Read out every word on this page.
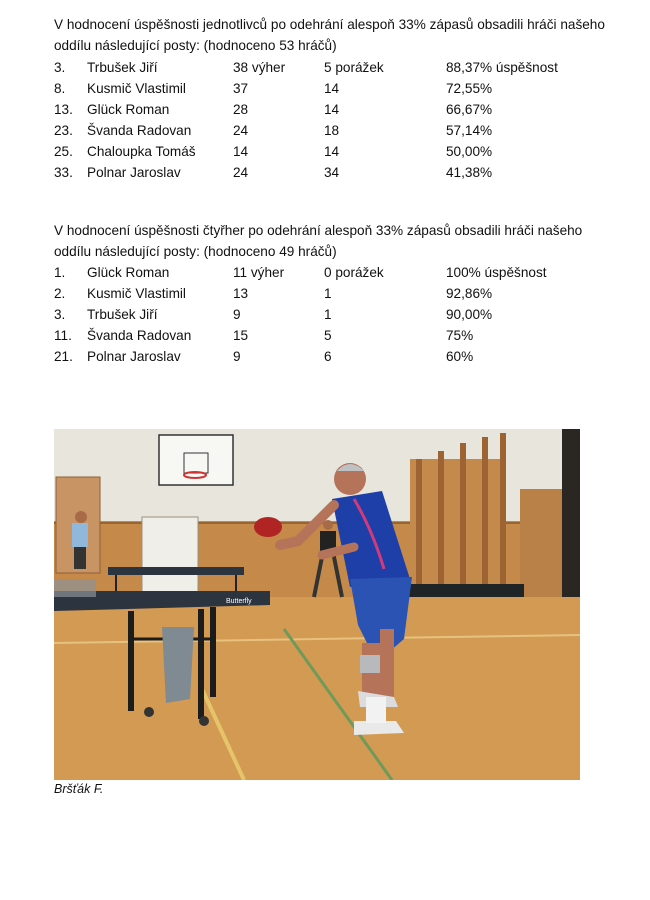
V hodnocení úspěšnosti jednotlivců po odehrání alespoň 33% zápasů obsadili hráči našeho oddílu následující posty: (hodnoceno 53 hráčů)

3. Trbušek Jiří	38 výher	5 porážek	88,37% úspěšnost
8. Kusmič Vlastimil	37	14	72,55%
13. Glück Roman	28	14	66,67%
23. Švanda Radovan	24	18	57,14%
25. Chaloupka Tomáš	14	14	50,00%
33. Polnar Jaroslav	24	34	41,38%

V hodnocení úspěšnosti čtyřher po odehrání alespoň 33% zápasů obsadili hráči našeho oddílu následující posty: (hodnoceno 49 hráčů)

1. Glück Roman	11 výher	0 porážek	100% úspěšnost
2. Kusmič Vlastimil	13	1	92,86%
3. Trbušek Jiří	9	1	90,00%
11. Švanda Radovan	15	5	75%
21. Polnar Jaroslav	9	6	60%
Butterfly
Bršťák F.
